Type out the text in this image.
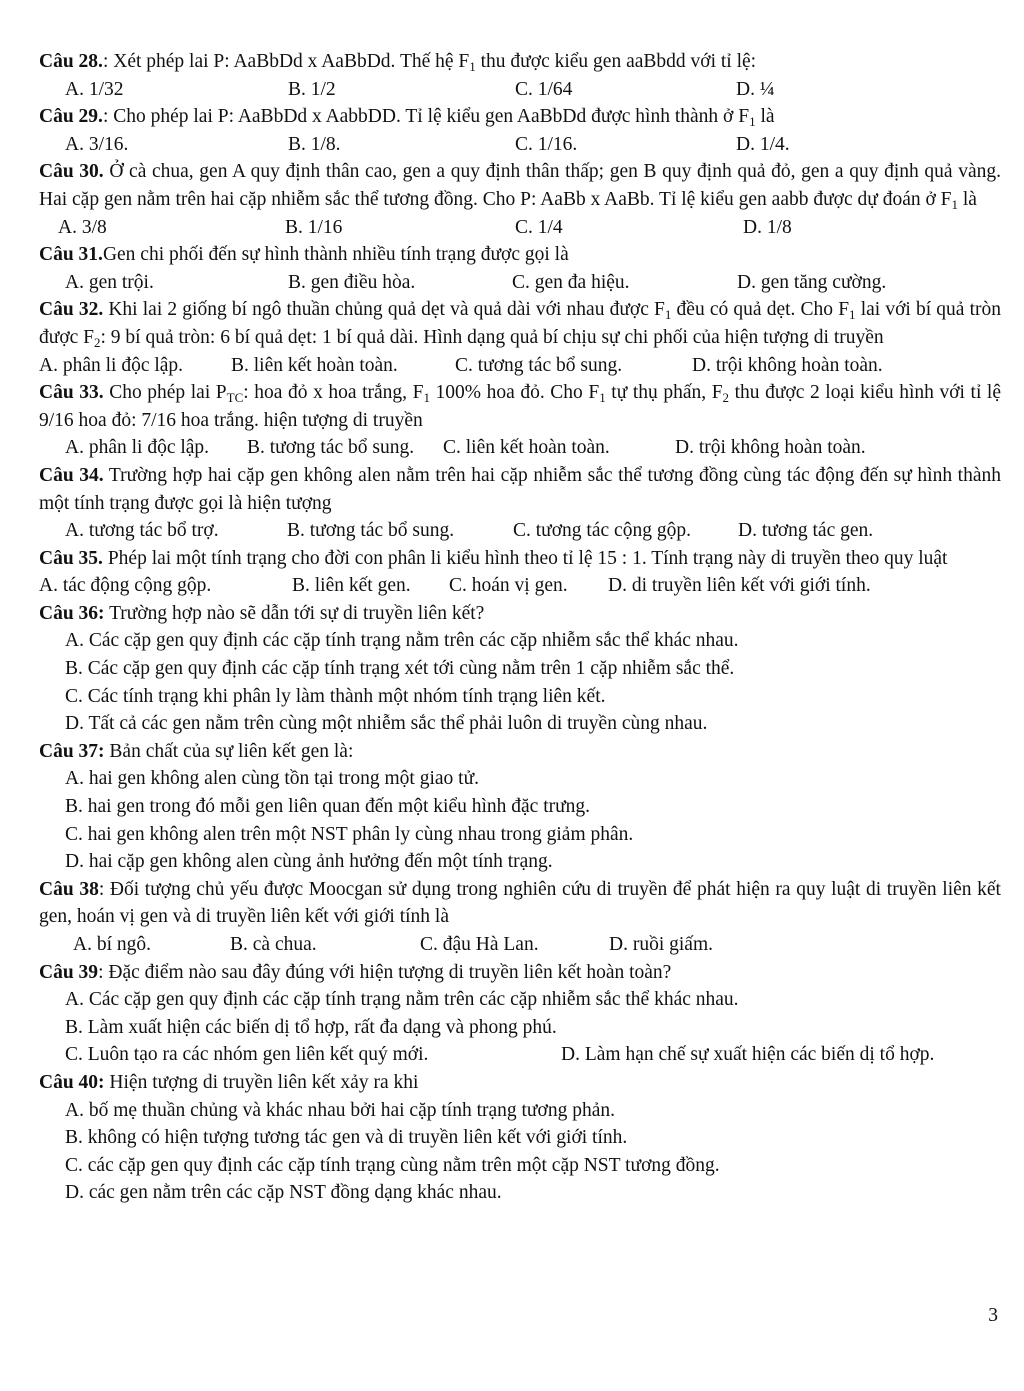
Câu 28.: Xét phép lai P: AaBbDd x AaBbDd. Thế hệ $F_1$ thu được kiểu gen aaBbdd với tỉ lệ:

A. 1/32	B. 1/2	C. 1/64	D. ¼

Câu 29.: Cho phép lai P: AaBbDd x AabbDD. Tỉ lệ kiểu gen AaBbDd được hình thành ở $F_1$ là

A. 3/16.	B. 1/8.	C. 1/16.	D. 1/4.

Câu 30. Ở cà chua, gen A quy định thân cao, gen a quy định thân thấp; gen B quy định quả đỏ, gen a quy định quả vàng. Hai cặp gen nằm trên hai cặp nhiễm sắc thể tương đồng. Cho P: AaBb x AaBb. Tỉ lệ kiểu gen aabb được dự đoán ở $F_1$ là

A. 3/8	B. 1/16	C. 1/4	D. 1/8

Câu 31.Gen chi phối đến sự hình thành nhiều tính trạng được gọi là

A. gen trội.	B. gen điều hòa.	C. gen đa hiệu.	D. gen tăng cường.

Câu 32. Khi lai 2 giống bí ngô thuần chủng quả dẹt và quả dài với nhau được $F_1$ đều có quả dẹt. Cho $F_1$ lai với bí quả tròn được $F_2$: 9 bí quả tròn: 6 bí quả dẹt: 1 bí quả dài. Hình dạng quả bí chịu sự chi phối của hiện tượng di truyền

A. phân li độc lập.	B. liên kết hoàn toàn.	C. tương tác bổ sung.	D. trội không hoàn toàn.

Câu 33. Cho phép lai $P_{TC}$: hoa đỏ x hoa trắng, $F_1$ 100% hoa đỏ. Cho $F_1$ tự thụ phấn, $F_2$ thu được 2 loại kiểu hình với tỉ lệ 9/16 hoa đỏ: 7/16 hoa trắng. hiện tượng di truyền

A. phân li độc lập.	B. tương tác bổ sung.	C. liên kết hoàn toàn.	D. trội không hoàn toàn.

Câu 34. Trường hợp hai cặp gen không alen nằm trên hai cặp nhiễm sắc thể tương đồng cùng tác động đến sự hình thành một tính trạng được gọi là hiện tượng

A. tương tác bổ trợ.	B. tương tác bổ sung.	C. tương tác cộng gộp.	D. tương tác gen.

Câu 35. Phép lai một tính trạng cho đời con phân li kiểu hình theo tỉ lệ 15 : 1. Tính trạng này di truyền theo quy luật

A. tác động cộng gộp.	B. liên kết gen.	C. hoán vị gen.	D. di truyền liên kết với giới tính.

Câu 36: Trường hợp nào sẽ dẫn tới sự di truyền liên kết?

A. Các cặp gen quy định các cặp tính trạng nằm trên các cặp nhiễm sắc thể khác nhau.

B. Các cặp gen quy định các cặp tính trạng xét tới cùng nằm trên 1 cặp nhiễm sắc thể.

C. Các tính trạng khi phân ly làm thành một nhóm tính trạng liên kết.

D. Tất cả các gen nằm trên cùng một nhiễm sắc thể phải luôn di truyền cùng nhau.

Câu 37: Bản chất của sự liên kết gen là:

A. hai gen không alen cùng tồn tại trong một giao tử.

B. hai gen trong đó mỗi gen liên quan đến một kiểu hình đặc trưng.

C. hai gen không alen trên một NST phân ly cùng nhau trong giảm phân.

D. hai cặp gen không alen cùng ảnh hưởng đến một tính trạng.

Câu 38: Đối tượng chủ yếu được Moocgan sử dụng trong nghiên cứu di truyền để phát hiện ra quy luật di truyền liên kết gen, hoán vị gen và di truyền liên kết với giới tính là

A. bí ngô.	B. cà chua.	C. đậu Hà Lan.	D. ruồi giấm.

Câu 39: Đặc điểm nào sau đây đúng với hiện tượng di truyền liên kết hoàn toàn?

A. Các cặp gen quy định các cặp tính trạng nằm trên các cặp nhiễm sắc thể khác nhau.

B. Làm xuất hiện các biến dị tổ hợp, rất đa dạng và phong phú.

C. Luôn tạo ra các nhóm gen liên kết quý mới.	D. Làm hạn chế sự xuất hiện các biến dị tổ hợp.

Câu 40: Hiện tượng di truyền liên kết xảy ra khi

A. bố mẹ thuần chủng và khác nhau bởi hai cặp tính trạng tương phản.

B. không có hiện tượng tương tác gen và di truyền liên kết với giới tính.

C. các cặp gen quy định các cặp tính trạng cùng nằm trên một cặp NST tương đồng.

D. các gen nằm trên các cặp NST đồng dạng khác nhau.

3
